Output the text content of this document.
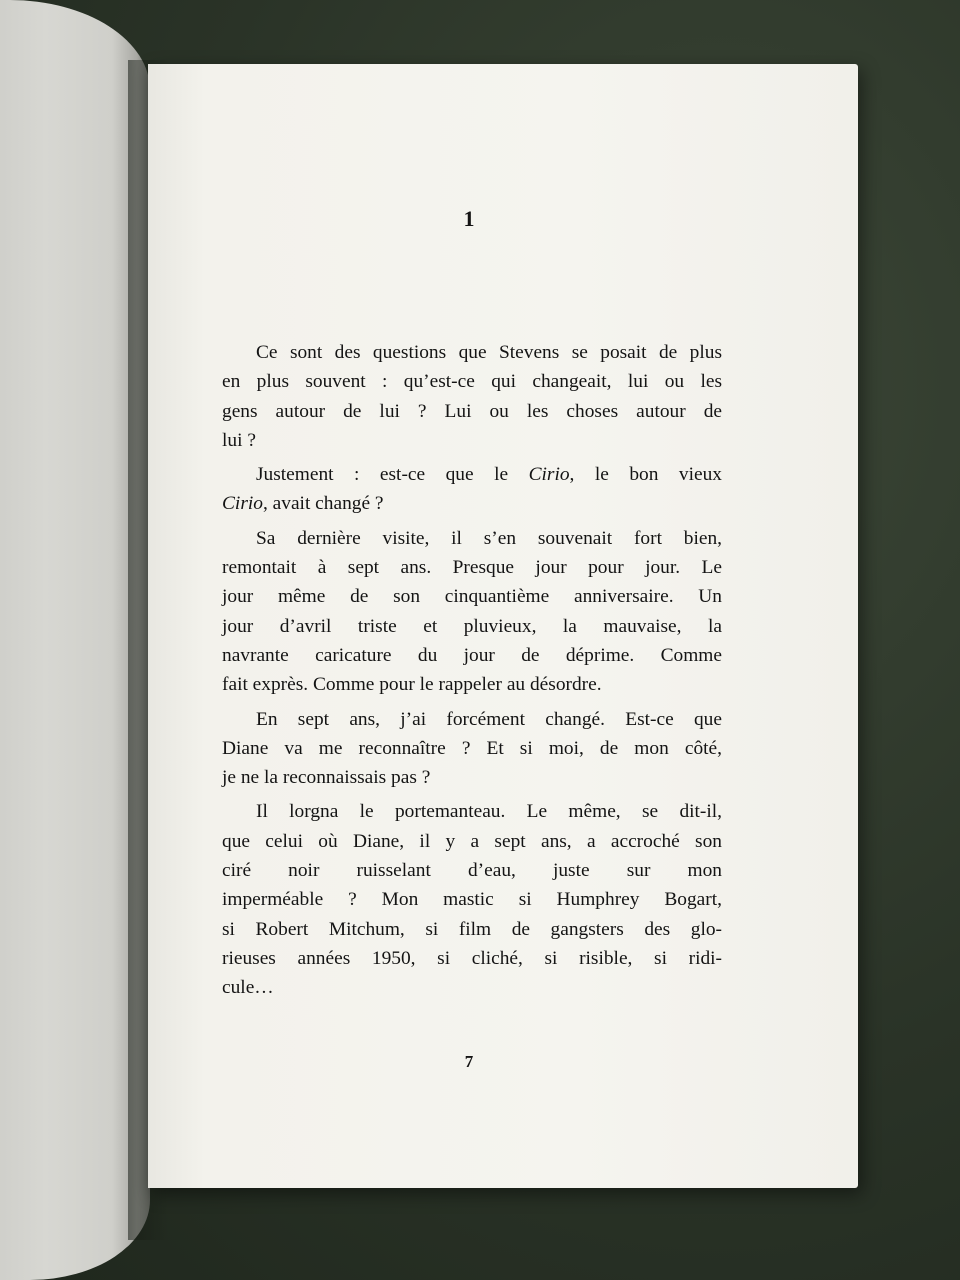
1
Ce sont des questions que Stevens se posait de plus
en plus souvent : qu’est-ce qui changeait, lui ou les
gens autour de lui ? Lui ou les choses autour de
lui ?
Justement : est-ce que le Cirio, le bon vieux
Cirio, avait changé ?
Sa dernière visite, il s’en souvenait fort bien,
remontait à sept ans. Presque jour pour jour. Le
jour même de son cinquantième anniversaire. Un
jour d’avril triste et pluvieux, la mauvaise, la
navrante caricature du jour de déprime. Comme
fait exprès. Comme pour le rappeler au désordre.
En sept ans, j’ai forcément changé. Est-ce que
Diane va me reconnaître ? Et si moi, de mon côté,
je ne la reconnaissais pas ?
Il lorgna le portemanteau. Le même, se dit-il,
que celui où Diane, il y a sept ans, a accroché son
ciré noir ruisselant d’eau, juste sur mon
imperméable ? Mon mastic si Humphrey Bogart,
si Robert Mitchum, si film de gangsters des glo-
rieuses années 1950, si cliché, si risible, si ridi-
cule…
7
